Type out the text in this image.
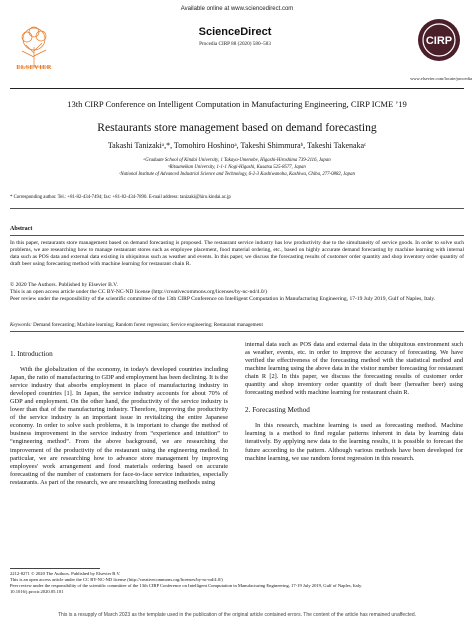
Available online at www.sciencedirect.com
ELSEVIER
ScienceDirect
Procedia CIRP 88 (2020) 580–583	CIRP
www.elsevier.com/locate/procedia
13th CIRP Conference on Intelligent Computation in Manufacturing Engineering, CIRP ICME ’19
Restaurants store management based on demand forecasting
Takashi Tanizakiᵃ,*, Tomohiro Hoshinoᵃ, Takeshi Shimmuraᵇ, Takeshi Takenakaᶜ
ᵃGraduate School of Kindai University, 1 Takaya-Umenobe, Higashi-Hiroshima 739-2116, Japan
ᵇRitsumeikan University, 1-1-1 Nogi-Higashi, Kusatsu 525-8577, Japan
ᶜNational Institute of Advanced Industrial Science and Technology, 6-2-3 Kashiwanoha, Kashiwa, Chiba, 277-0882, Japan
* Corresponding author. Tel.: +81-82-434-7494; fax: +81-82-434-7890. E-mail address: tanizaki@hiro.kindai.ac.jp
Abstract
In this paper, restaurants store management based on demand forecasting is proposed. The restaurant service industry has low productivity due to the simultaneity of service goods. In order to solve such problems, we are researching how to manage restaurant stores such as employee placement, food material ordering, etc., based on highly accurate demand forecasting by machine learning with internal data such as POS data and external data existing in ubiquitous such as weather and events. In this paper, we discuss the forecasting results of customer order quantity and shop inventory order quantity of draft beer using forecasting method with machine learning for restaurant chain R.
© 2020 The Authors. Published by Elsevier B.V.
This is an open access article under the CC BY-NC-ND license (http://creativecommons.org/licenses/by-nc-nd/4.0/)
Peer review under the responsibility of the scientific committee of the 13th CIRP Conference on Intelligent Computation in Manufacturing Engineering, 17-19 July 2019, Gulf of Naples, Italy.
Keywords: Demand forecasting; Machine learning; Random forest regression; Service engineering; Restaurant management
1. Introduction

With the globalization of the economy, in today's developed countries including Japan, the ratio of manufacturing to GDP and employment has been declining. It is the service industry that absorbs employment in place of manufacturing industry in developed countries [1]. In Japan, the service industry accounts for about 70% of GDP and employment. On the other hand, the productivity of the service industry is lower than that of the manufacturing industry. Therefore, improving the productivity of the service industry is an important issue in revitalizing the entire Japanese economy. In order to solve such problems, it is important to change the method of business improvement in the service industry from “experience and intuition” to “engineering method”. From the above background, we are researching the improvement of the productivity of the restaurant using the engineering method. In particular, we are researching how to advance store management by improving employees' work arrangement and food materials ordering based on accurate forecasting of the number of customers for face-to-face service industries, especially restaurants. As part of the research, we are researching forecasting methods using

internal data such as POS data and external data in the ubiquitous environment such as weather, events, etc. in order to improve the accuracy of forecasting. We have verified the effectiveness of the forecasting method with the statistical method and machine learning using the above data in the visitor number forecasting for restaurant chain R [2]. In this paper, we discuss the forecasting results of customer order quantity and shop inventory order quantity of draft beer (hereafter beer) using forecasting method with machine learning for restaurant chain R.

2. Forecasting Method

In this research, machine learning is used as forecasting method. Machine learning is a method to find regular patterns inherent in data by learning data iteratively. By applying new data to the learning results, it is possible to forecast the future according to the pattern. Although various methods have been developed for machine learning, we use random forest regression in this research.

2212-8271 © 2020 The Authors. Published by Elsevier B.V.
This is an open access article under the CC BY-NC-ND license (http://creativecommons.org/licenses/by-nc-nd/4.0/)
Peer review under the responsibility of the scientific committee of the 13th CIRP Conference on Intelligent Computation in Manufacturing Engineering, 17-19 July 2019, Gulf of Naples, Italy.
10.1016/j.procir.2020.05.101
This is a resupply of March 2023 as the template used in the publication of the original article contained errors. The content of the article has remained unaffected.
